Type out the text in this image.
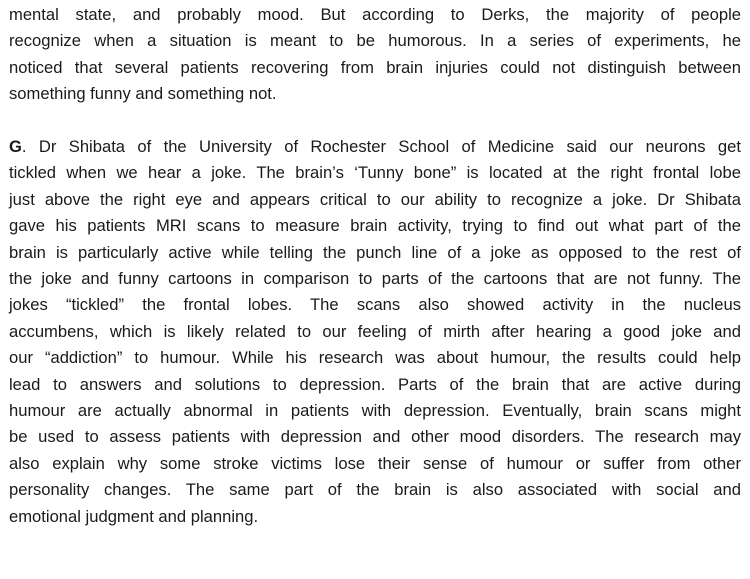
mental state, and probably mood. But according to Derks, the majority of people
recognize when a situation is meant to be humorous. In a series of experiments, he
noticed that several patients recovering from brain injuries could not distinguish between
something funny and something not.
G. Dr Shibata of the University of Rochester School of Medicine said our neurons get
tickled when we hear a joke. The brain’s ‘Tunny bone” is located at the right frontal lobe
just above the right eye and appears critical to our ability to recognize a joke. Dr Shibata
gave his patients MRI scans to measure brain activity, trying to find out what part of the
brain is particularly active while telling the punch line of a joke as opposed to the rest of
the joke and funny cartoons in comparison to parts of the cartoons that are not funny. The
jokes “tickled” the frontal lobes. The scans also showed activity in the nucleus
accumbens, which is likely related to our feeling of mirth after hearing a good joke and
our “addiction” to humour. While his research was about humour, the results could help
lead to answers and solutions to depression. Parts of the brain that are active during
humour are actually abnormal in patients with depression. Eventually, brain scans might
be used to assess patients with depression and other mood disorders. The research may
also explain why some stroke victims lose their sense of humour or suffer from other
personality changes. The same part of the brain is also associated with social and
emotional judgment and planning.
